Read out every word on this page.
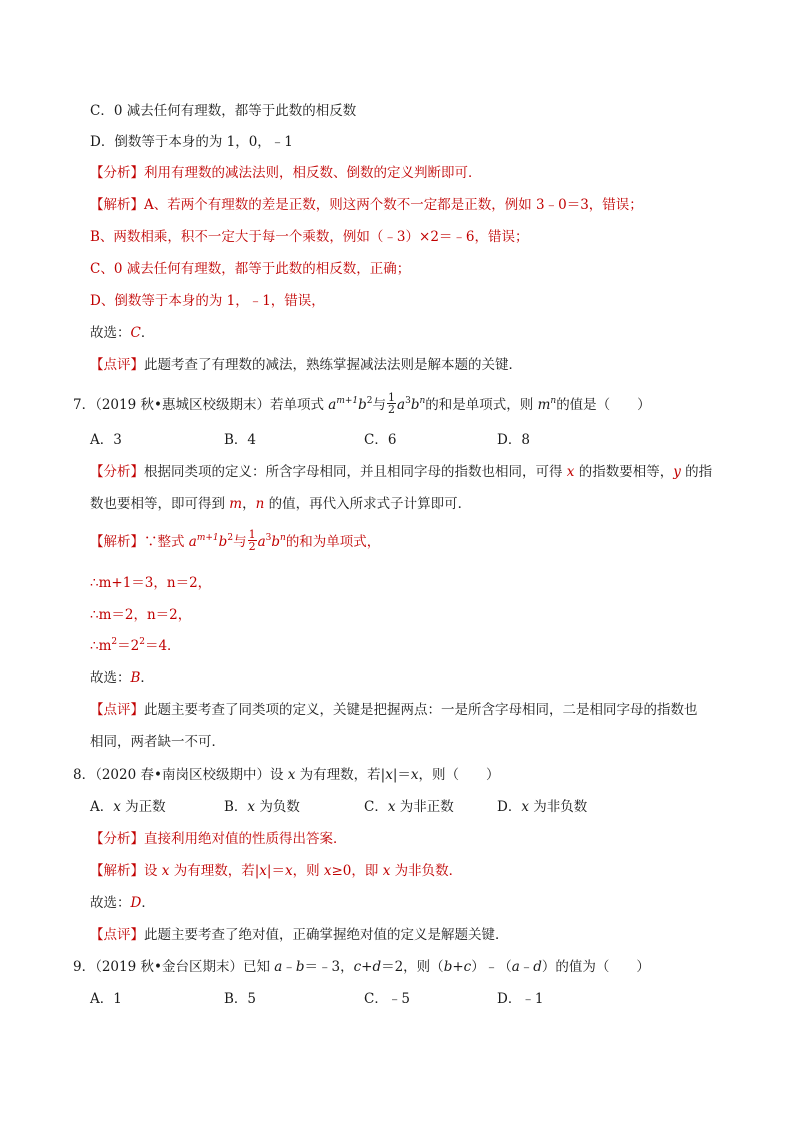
C．0 减去任何有理数，都等于此数的相反数
D．倒数等于本身的为 1，0，﹣1
【分析】利用有理数的减法法则，相反数、倒数的定义判断即可．
【解析】A、若两个有理数的差是正数，则这两个数不一定都是正数，例如 3﹣0＝3，错误；
B、两数相乘，积不一定大于每一个乘数，例如（﹣3）×2＝﹣6，错误；
C、0 减去任何有理数，都等于此数的相反数，正确；
D、倒数等于本身的为 1，﹣1，错误，
故选：C．
【点评】此题考查了有理数的减法，熟练掌握减法法则是解本题的关键．
7．（2019 秋•惠城区校级期末）若单项式 $a^{m+1}b^2$与 $\frac{1}{2} a^3b^n$的和是单项式，则 $m^n$的值是（　　）
A．3	B．4	C．6	D．8
【分析】根据同类项的定义：所含字母相同，并且相同字母的指数也相同，可得 x 的指数要相等，y 的指
数也要相等，即可得到 m，n 的值，再代入所求式子计算即可．
【解析】∵整式 $a^{m+1}b^2$与 $\frac{1}{2} a^3b^n$的和为单项式，
∴m+1＝3，n＝2，
∴m＝2，n＝2，
$\therefore m^2=2^2=4$．
故选：B．
【点评】此题主要考查了同类项的定义，关键是把握两点：一是所含字母相同，二是相同字母的指数也
相同，两者缺一不可．
8．（2020 春•南岗区校级期中）设 x 为有理数，若|x|＝x，则（　　）
A．x 为正数	B．x 为负数	C．x 为非正数	D．x 为非负数
【分析】直接利用绝对值的性质得出答案．
【解析】设 x 为有理数，若|x|＝x，则 x≥0，即 x 为非负数．
故选：D．
【点评】此题主要考查了绝对值，正确掌握绝对值的定义是解题关键．
9．（2019 秋•金台区期末）已知 a﹣b＝﹣3，c+d＝2，则（b+c）﹣（a﹣d）的值为（　　）
A．1	B．5	C．﹣5	D．﹣1
